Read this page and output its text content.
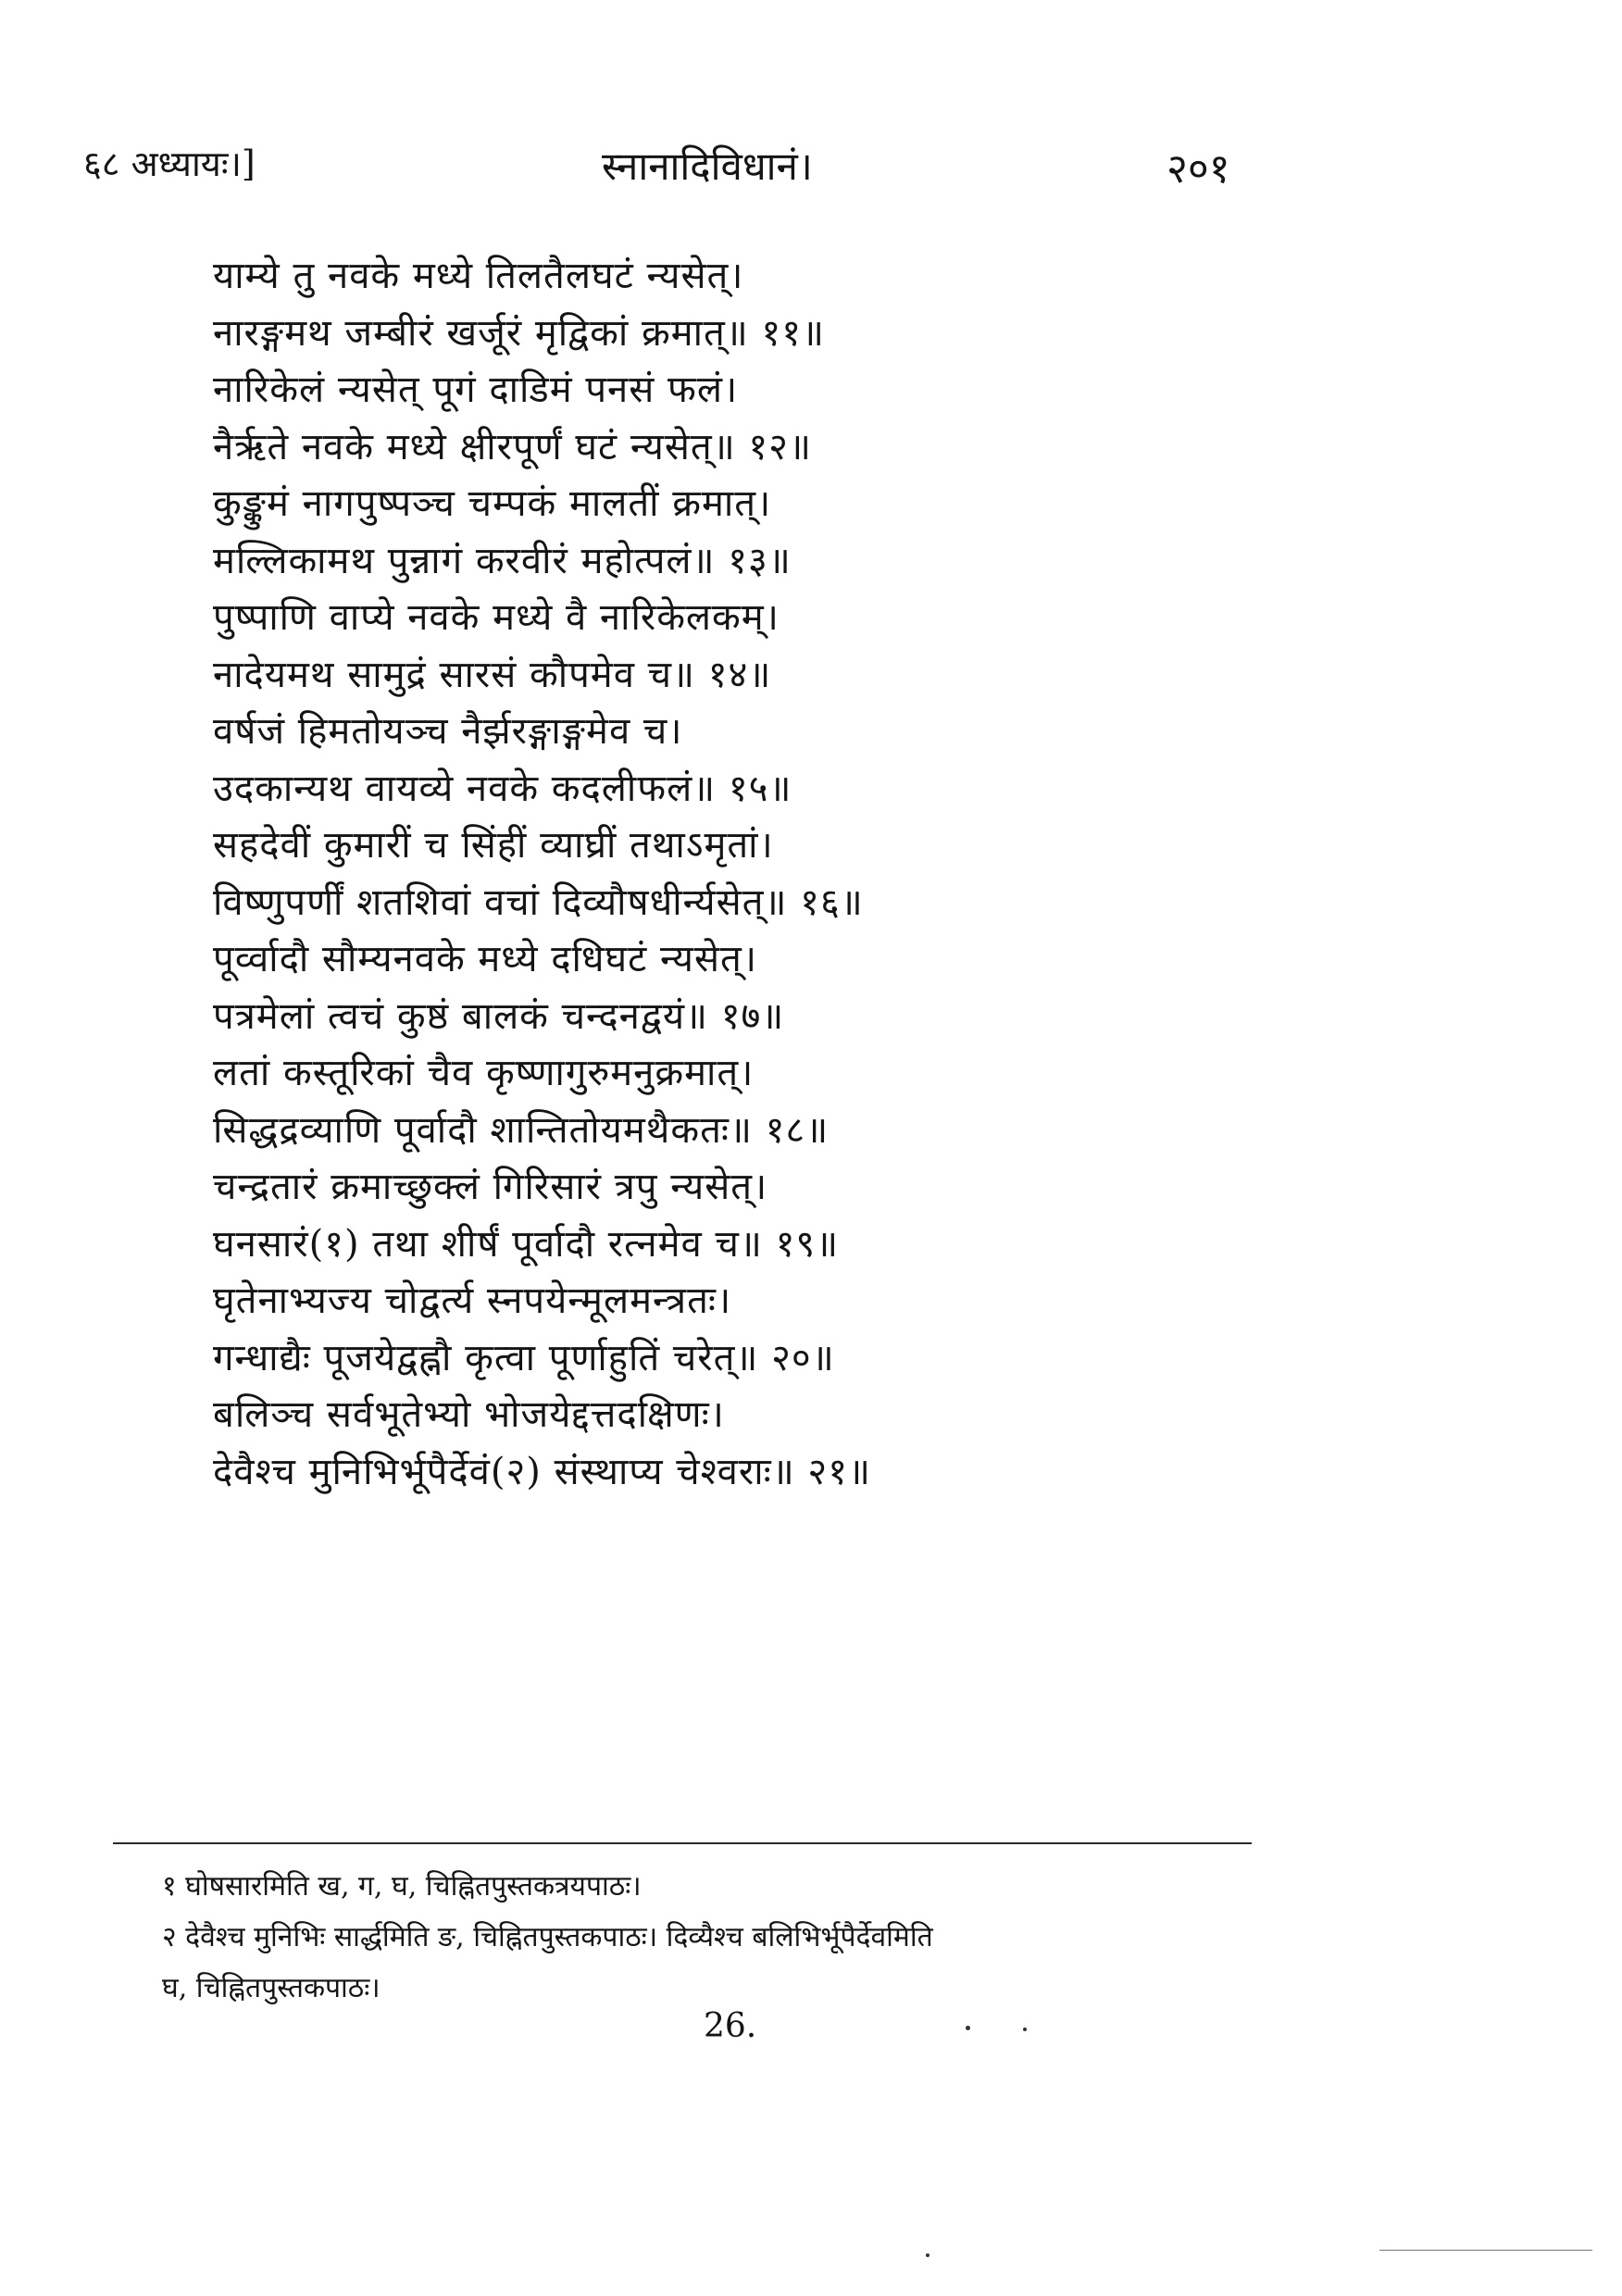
६८ अध्यायः।]	स्नानादिविधानं।	२०१
याम्ये तु नवके मध्ये तिलतैलघटं न्यसेत्।
नारङ्गमथ जम्बीरं खर्जूरं मृद्विकां क्रमात्॥ ११॥
नारिकेलं न्यसेत् पूगं दाडिमं पनसं फलं।
नैर्ऋते नवके मध्ये क्षीरपूर्णं घटं न्यसेत्॥ १२॥
कुङ्कुमं नागपुष्पञ्च चम्पकं मालतीं क्रमात्।
मल्लिकामथ पुन्नागं करवीरं महोत्पलं॥ १३॥
पुष्पाणि वाप्ये नवके मध्ये वै नारिकेलकम्।
नादेयमथ सामुद्रं सारसं कौपमेव च॥ १४॥
वर्षजं हिमतोयञ्च नैर्झरङ्गाङ्गमेव च।
उदकान्यथ वायव्ये नवके कदलीफलं॥ १५॥
सहदेवीं कुमारीं च सिंहीं व्याघ्रीं तथाऽमृतां।
विष्णुपर्णीं शतशिवां वचां दिव्यौषधीर्न्यसेत्॥ १६॥
पूर्व्वादौ सौम्यनवके मध्ये दधिघटं न्यसेत्।
पत्रमेलां त्वचं कुष्ठं बालकं चन्दनद्वयं॥ १७॥
लतां कस्तूरिकां चैव कृष्णागुरुमनुक्रमात्।
सिद्धद्रव्याणि पूर्वादौ शान्तितोयमथैकतः॥ १८॥
चन्द्रतारं क्रमाच्छुक्लं गिरिसारं त्रपु न्यसेत्।
घनसारं(१) तथा शीर्षं पूर्वादौ रत्नमेव च॥ १९॥
घृतेनाभ्यज्य चोद्वर्त्य स्नपयेन्मूलमन्त्रतः।
गन्धाद्यैः पूजयेद्वह्नौ कृत्वा पूर्णाहुतिं चरेत्॥ २०॥
बलिञ्च सर्वभूतेभ्यो भोजयेद्दत्तदक्षिणः।
देवैश्च मुनिभिर्भूपैर्देवं(२) संस्थाप्य चेश्वराः॥ २१॥
१ घोषसारमिति ख, ग, घ, चिह्नितपुस्तकत्रयपाठः।
२ देवैश्च मुनिभिः सार्द्धमिति ङ, चिह्नितपुस्तकपाठः। दिव्यैश्च बलिभिर्भूपैर्देवमिति
घ, चिह्नितपुस्तकपाठः।
26.
